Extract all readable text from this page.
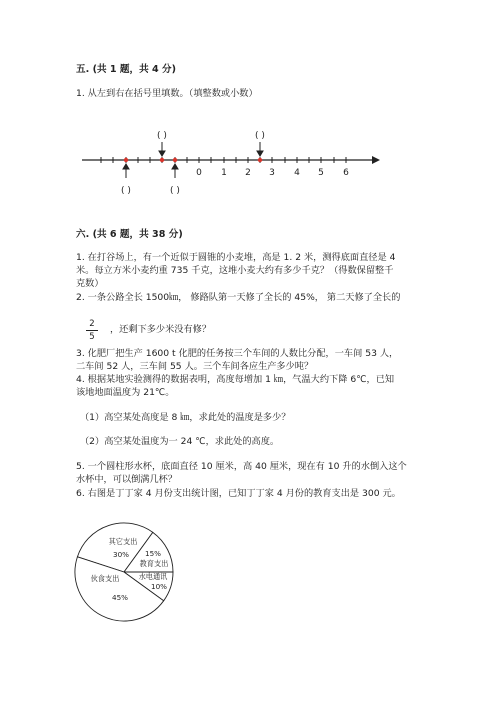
五. (共 1 题，共 4 分)
1. 从左到右在括号里填数。（填整数或小数）
0 1 2 3 4 5 6
( )	( )
( )	( )
六. (共 6 题，共 38 分)
1. 在打谷场上，有一个近似于圆锥的小麦堆，高是 1. 2 米，测得底面直径是 4
米。每立方米小麦约重 735 千克，这堆小麦大约有多少千克？（得数保留整千
克数）
2. 一条公路全长 1500㎞， 修路队第一天修了全长的 45%， 第二天修了全长的
2
5
，还剩下多少米没有修？
3. 化肥厂把生产 1600 t 化肥的任务按三个车间的人数比分配，一车间 53 人，
二车间 52 人，三车间 55 人。三个车间各应生产多少吨？
4. 根据某地实验测得的数据表明，高度每增加 1 ㎞，气温大约下降 6℃，已知
该地地面温度为 21℃。
（1）高空某处高度是 8 ㎞，求此处的温度是多少？
（2）高空某处温度为一 24 ℃，求此处的高度。
5. 一个圆柱形水杯，底面直径 10 厘米，高 40 厘米，现在有 10 升的水倒入这个
水杯中，可以倒满几杯？
6. 右图是丁丁家 4 月份支出统计图，已知丁丁家 4 月份的教育支出是 300 元。
其它支出
30% 15%
教育支出
水电通讯
10%
伙食支出
45%
